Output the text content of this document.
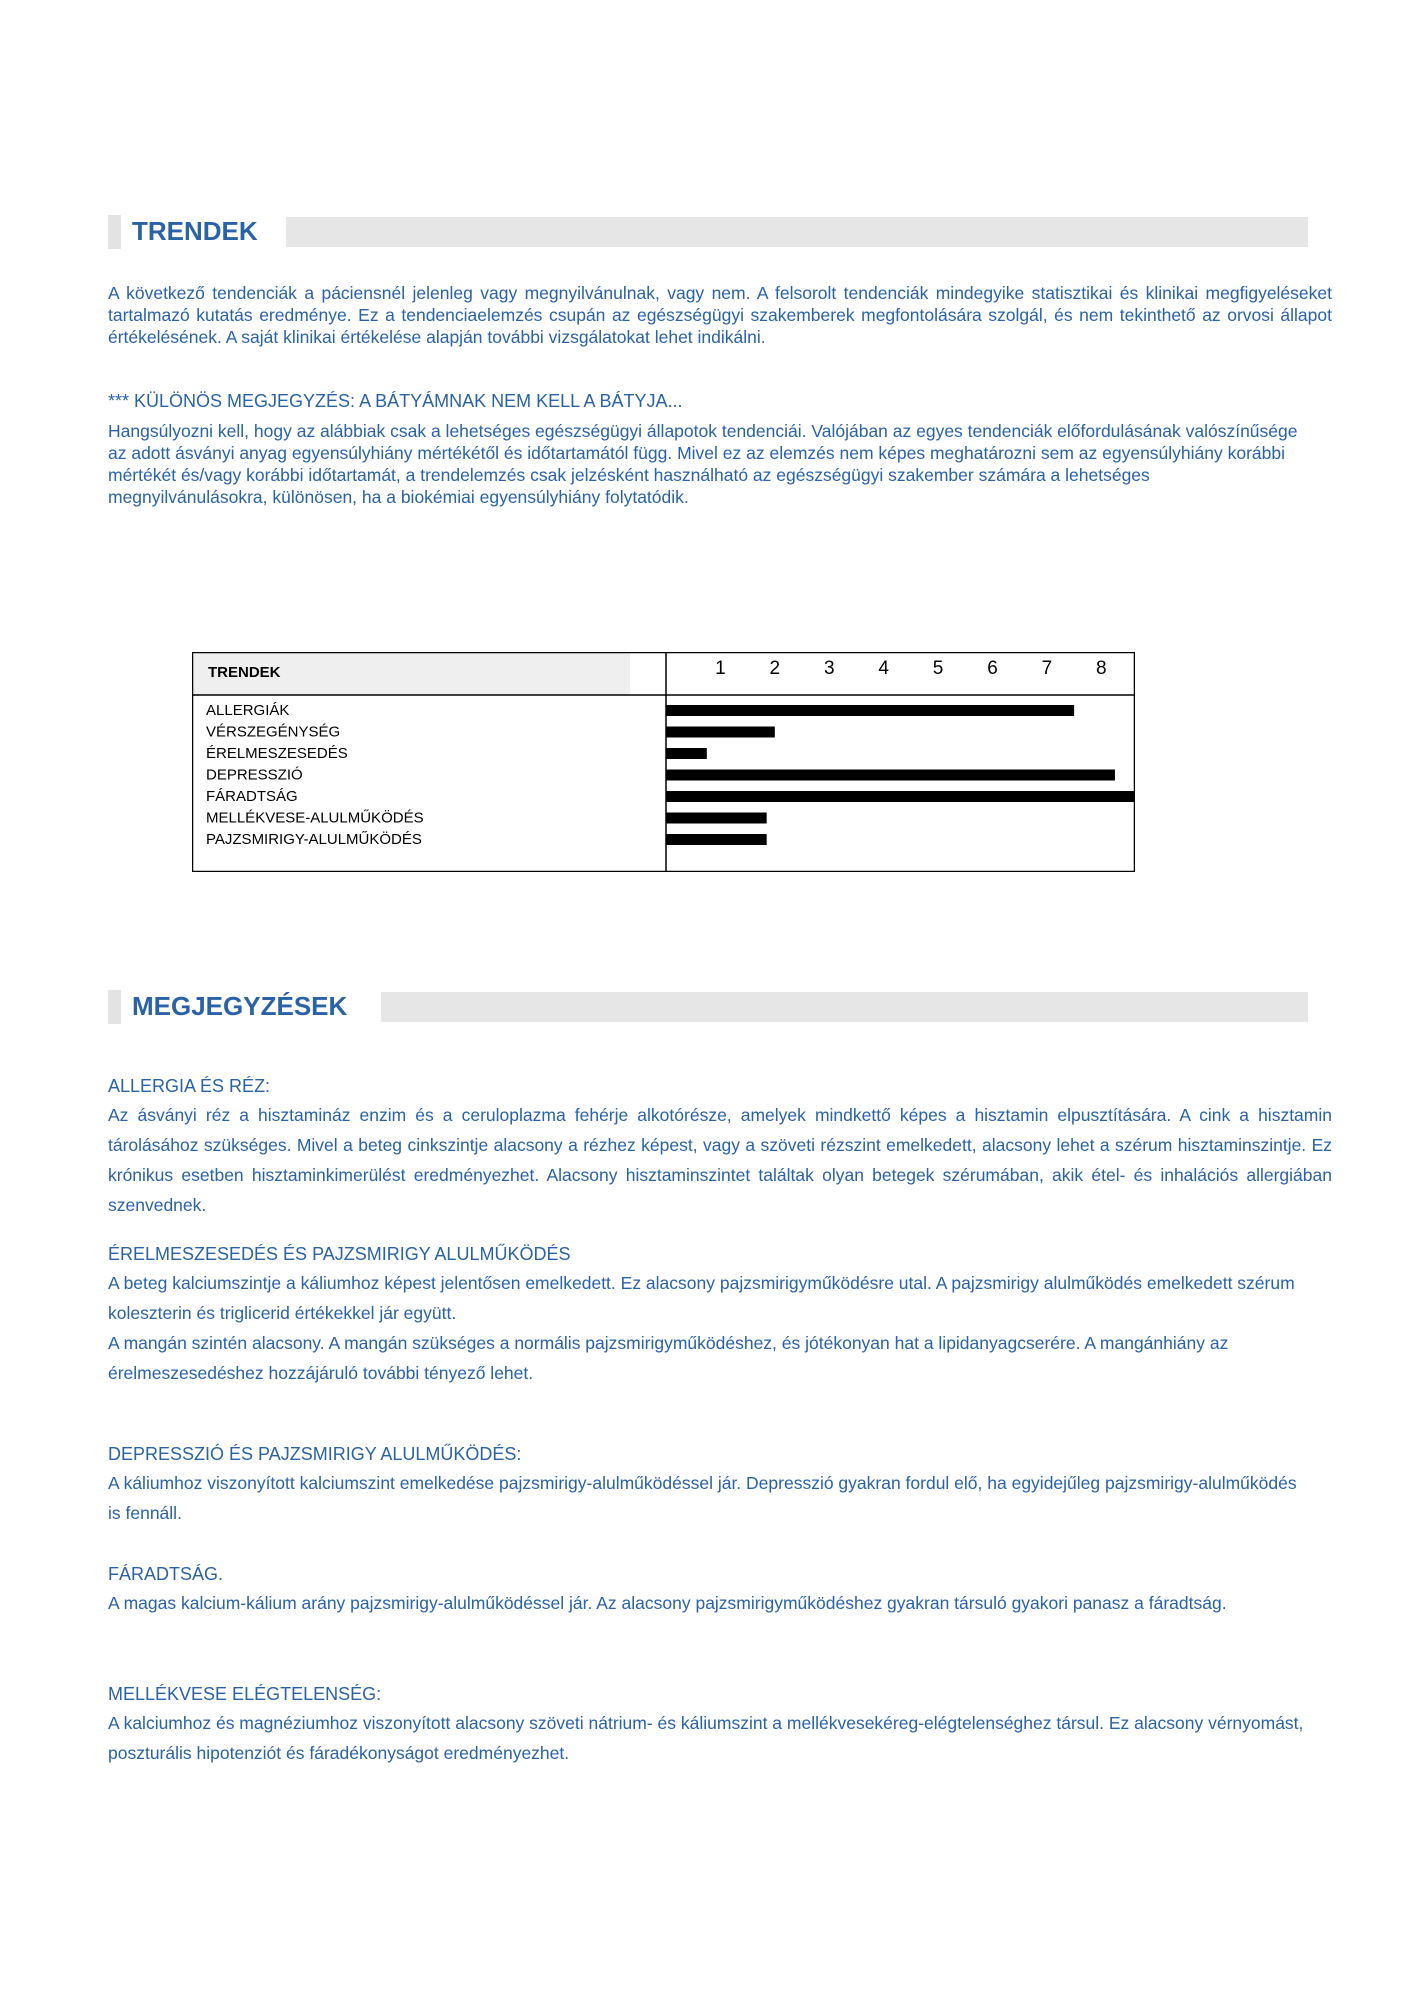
TRENDEK

A következő tendenciák a páciensnél jelenleg vagy megnyilvánulnak, vagy nem. A felsorolt tendenciák mindegyike statisztikai és klinikai megfigyeléseket tartalmazó kutatás eredménye. Ez a tendenciaelemzés csupán az egészségügyi szakemberek megfontolására szolgál, és nem tekinthető az orvosi állapot értékelésének. A saját klinikai értékelése alapján további vizsgálatokat lehet indikálni.

*** KÜLÖNÖS MEGJEGYZÉS: A BÁTYÁMNAK NEM KELL A BÁTYJA...

Hangsúlyozni kell, hogy az alábbiak csak a lehetséges egészségügyi állapotok tendenciái. Valójában az egyes tendenciák előfordulásának valószínűsége az adott ásványi anyag egyensúlyhiány mértékétől és időtartamától függ. Mivel ez az elemzés nem képes meghatározni sem az egyensúlyhiány korábbi mértékét és/vagy korábbi időtartamát, a trendelemzés csak jelzésként használható az egészségügyi szakember számára a lehetséges megnyilvánulásokra, különösen, ha a biokémiai egyensúlyhiány folytatódik.

TRENDEK	1 2 3 4 5 6 7 8
ALLERGIÁK
VÉRSZEGÉNYSÉG
ÉRELMESZESEDÉS
DEPRESSZIÓ
FÁRADTSÁG
MELLÉKVESE-ALULMŰKÖDÉS
PAJZSMIRIGY-ALULMŰKÖDÉS
MEGJEGYZÉSEK

ALLERGIA ÉS RÉZ:

Az ásványi réz a hisztamináz enzim és a ceruloplazma fehérje alkotórésze, amelyek mindkettő képes a hisztamin elpusztítására. A cink a hisztamin tárolásához szükséges. Mivel a beteg cinkszintje alacsony a rézhez képest, vagy a szöveti rézszint emelkedett, alacsony lehet a szérum hisztaminszintje. Ez krónikus esetben hisztaminkimerülést eredményezhet. Alacsony hisztaminszintet találtak olyan betegek szérumában, akik étel- és inhalációs allergiában szenvednek.

ÉRELMESZESEDÉS ÉS PAJZSMIRIGY ALULMŰKÖDÉS

A beteg kalciumszintje a káliumhoz képest jelentősen emelkedett. Ez alacsony pajzsmirigyműködésre utal. A pajzsmirigy alulműködés emelkedett szérum koleszterin és triglicerid értékekkel jár együtt.

A mangán szintén alacsony. A mangán szükséges a normális pajzsmirigyműködéshez, és jótékonyan hat a lipidanyagcserére. A mangánhiány az érelmeszesedéshez hozzájáruló további tényező lehet.

DEPRESSZIÓ ÉS PAJZSMIRIGY ALULMŰKÖDÉS:

A káliumhoz viszonyított kalciumszint emelkedése pajzsmirigy-alulműködéssel jár. Depresszió gyakran fordul elő, ha egyidejűleg pajzsmirigy-alulműködés is fennáll.

FÁRADTSÁG.

A magas kalcium-kálium arány pajzsmirigy-alulműködéssel jár. Az alacsony pajzsmirigyműködéshez gyakran társuló gyakori panasz a fáradtság.

MELLÉKVESE ELÉGTELENSÉG:

A kalciumhoz és magnéziumhoz viszonyított alacsony szöveti nátrium- és káliumszint a mellékvesekéreg-elégtelenséghez társul. Ez alacsony vérnyomást, poszturális hipotenziót és fáradékonyságot eredményezhet.
